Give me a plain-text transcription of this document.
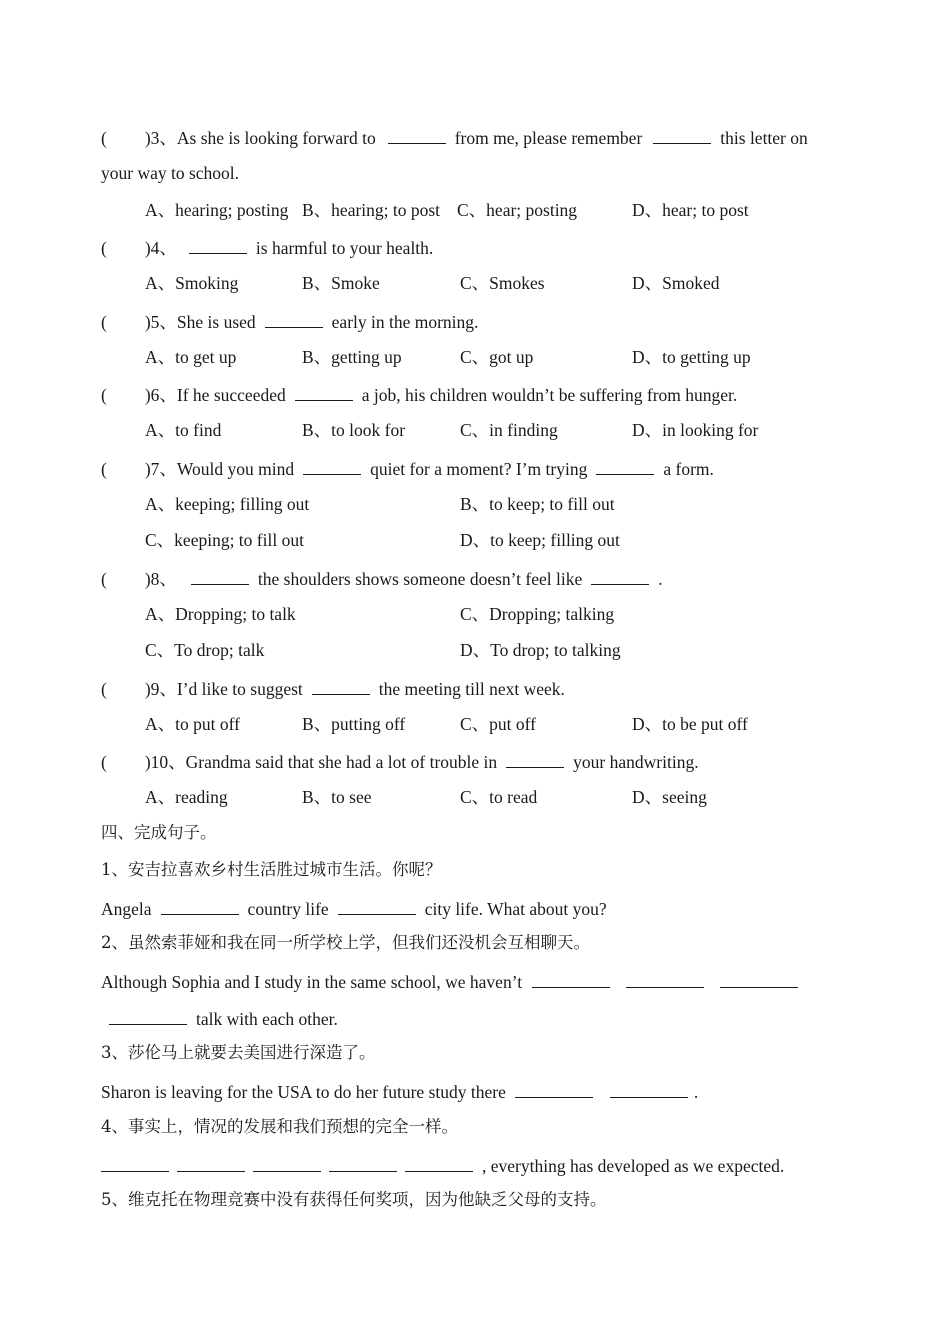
( )3、As she is looking forward to	from me, please remember	this letter on
your way to school.
A、hearing; posting B、hearing; to post C、hear; posting	D、hear; to post
( )4、	is harmful to your health.
A、Smoking	B、Smoke	C、Smokes	D、Smoked
( )5、She is used	early in the morning.
A、to get up	B、getting up	C、got up	D、to getting up
( )6、If he succeeded	a job, his children wouldn’t be suffering from hunger.
A、to find	B、to look for	C、in finding	D、in looking for
( )7、Would you mind	quiet for a moment? I’m trying	a form.
A、keeping; filling out	B、to keep; to fill out
C、keeping; to fill out	D、to keep; filling out
( )8、	the shoulders shows someone doesn’t feel like	.
A、Dropping; to talk	C、Dropping; talking
C、To drop; talk	D、To drop; to talking
( )9、I’d like to suggest	the meeting till next week.
A、to put off	B、putting off	C、put off	D、to be put off
( )10、Grandma said that she had a lot of trouble in	your handwriting.
A、reading	B、to see	C、to read	D、seeing
四、完成句子。
1、安吉拉喜欢乡村生活胜过城市生活。你呢？
Angela	country life	city life. What about you?
2、虽然索菲娅和我在同一所学校上学，但我们还没机会互相聊天。
Although Sophia and I study in the same school, we haven’t
talk with each other.
3、莎伦马上就要去美国进行深造了。
Sharon is leaving for the USA to do her future study there	.
4、事实上，情况的发展和我们预想的完全一样。
, everything has developed as we expected.
5、维克托在物理竞赛中没有获得任何奖项，因为他缺乏父母的支持。
